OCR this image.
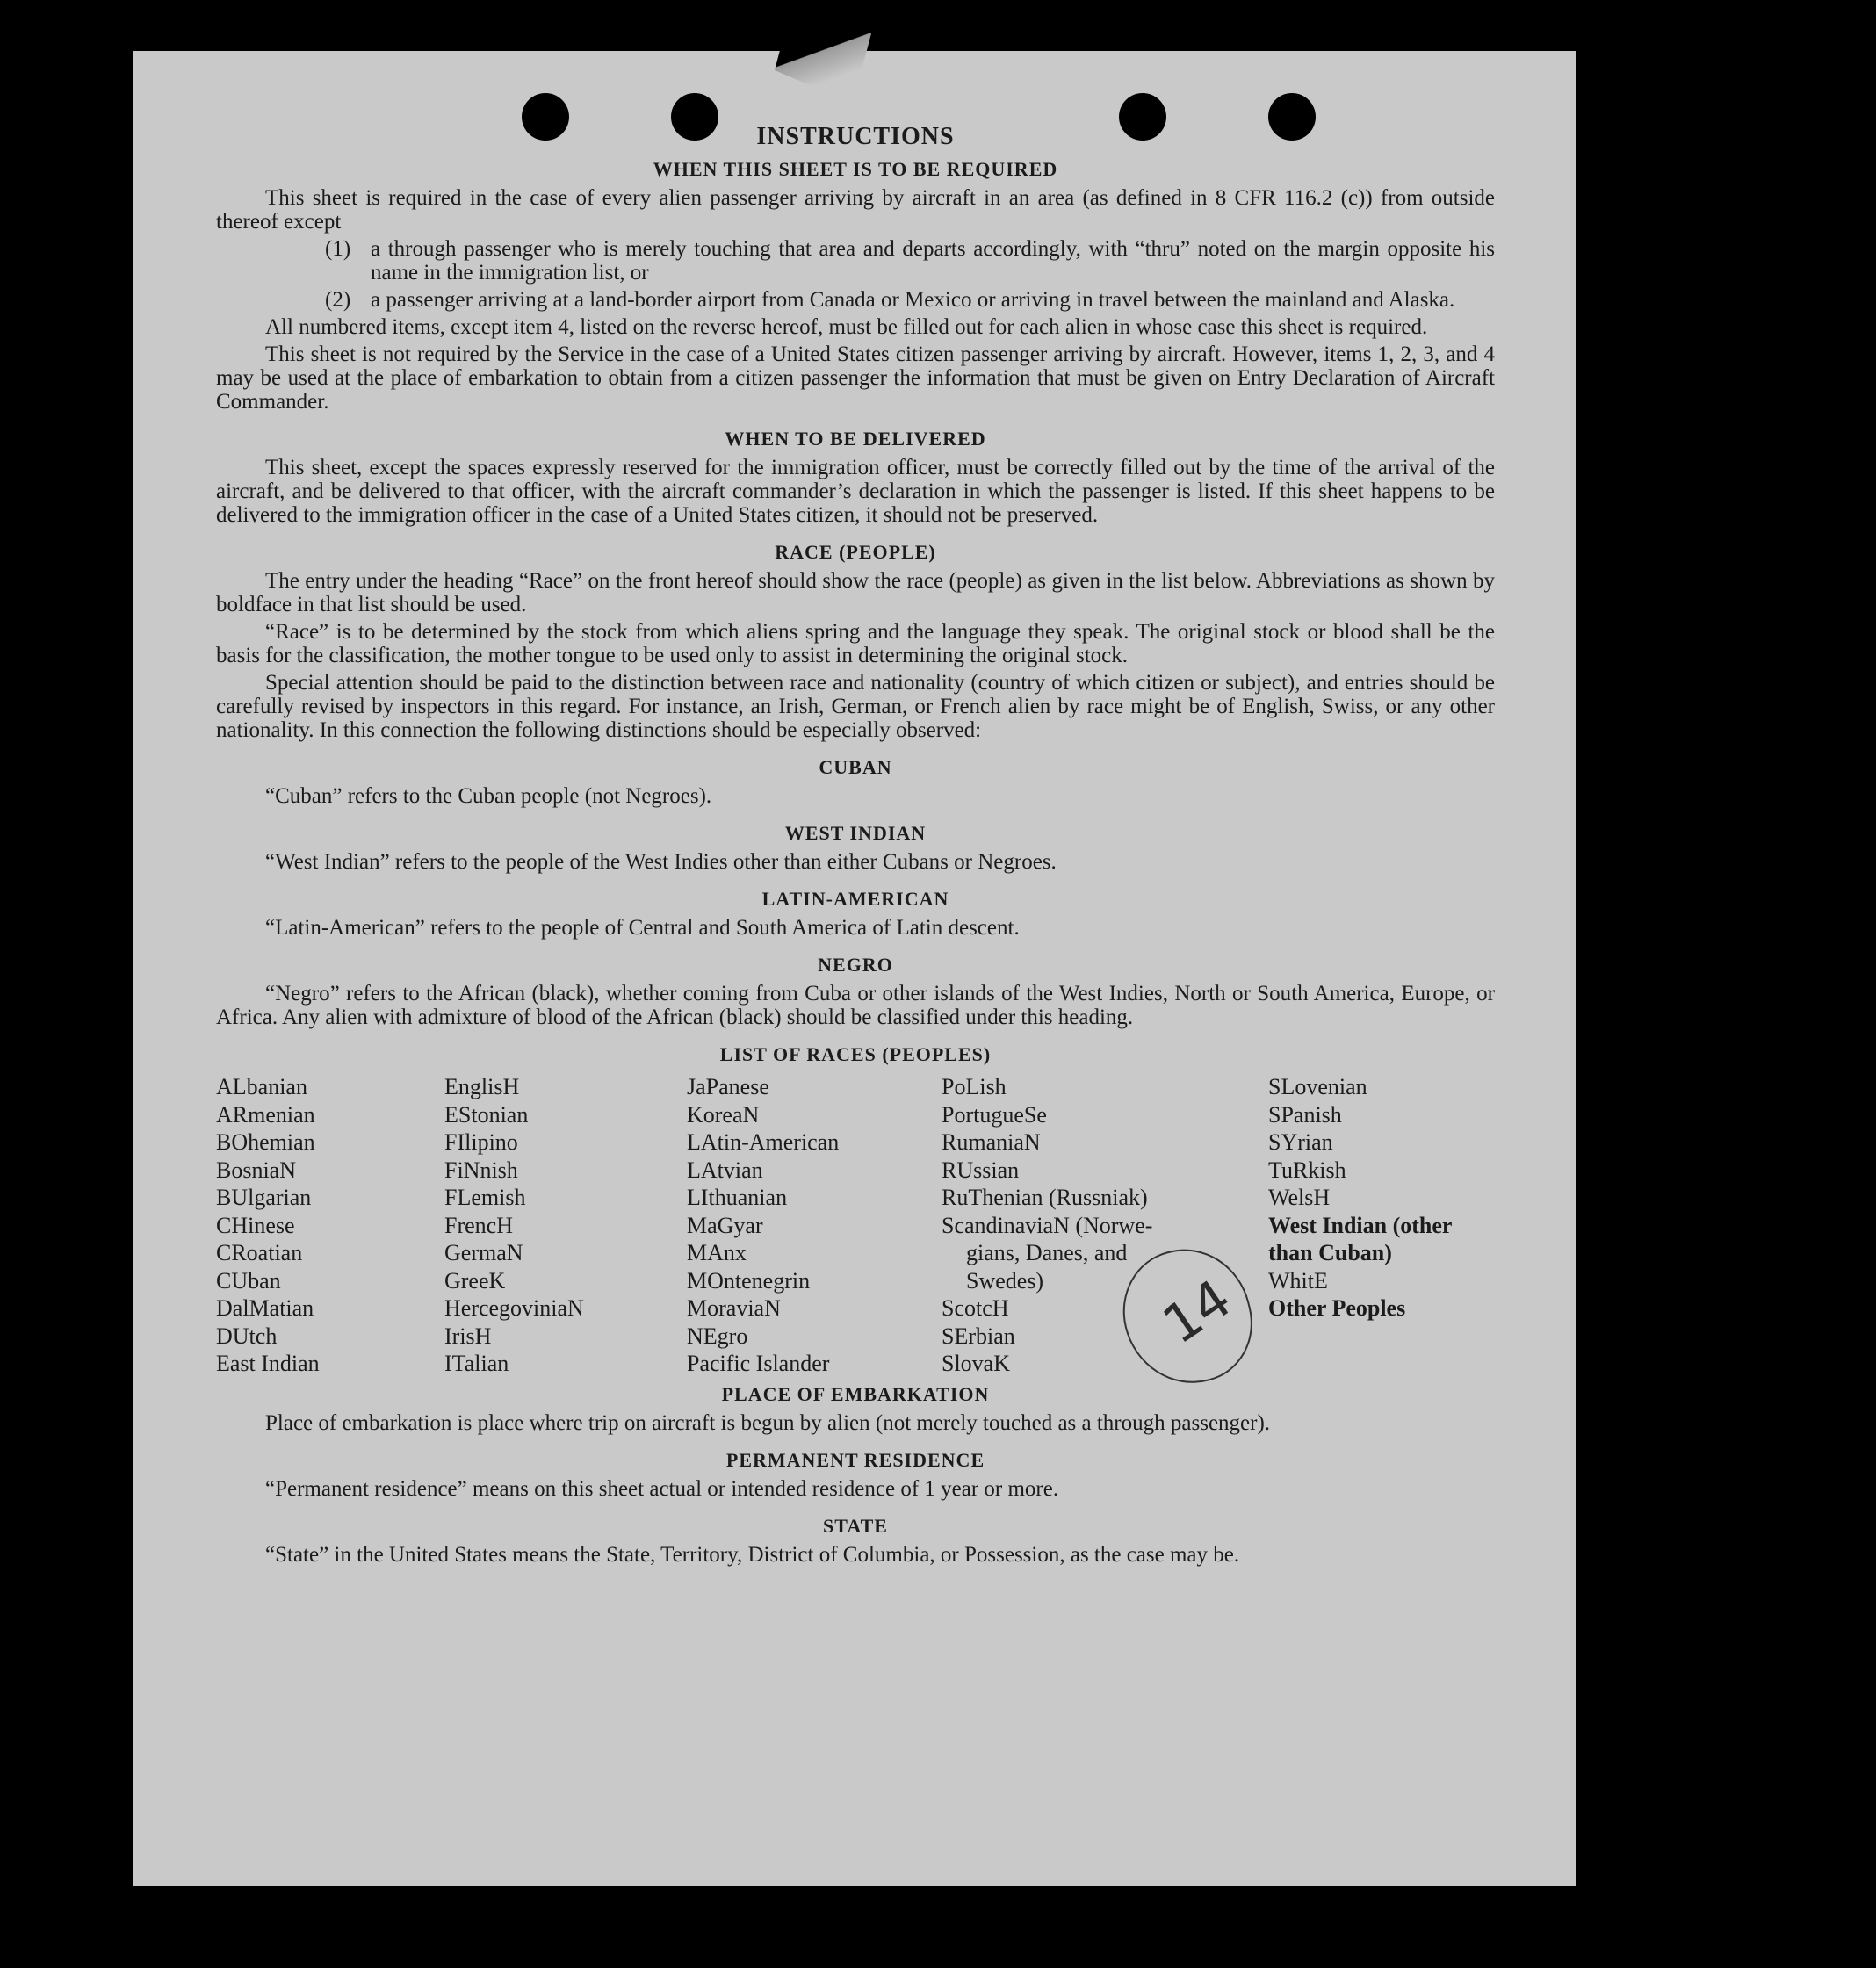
14
INSTRUCTIONS
WHEN THIS SHEET IS TO BE REQUIRED

This sheet is required in the case of every alien passenger arriving by aircraft in an area (as defined in 8 CFR 116.2 (c)) from outside thereof except

(1) a through passenger who is merely touching that area and departs accordingly, with “thru” noted on the margin opposite his name in the immigration list, or
(2) a passenger arriving at a land-border airport from Canada or Mexico or arriving in travel between the mainland and Alaska.

All numbered items, except item 4, listed on the reverse hereof, must be filled out for each alien in whose case this sheet is required.

This sheet is not required by the Service in the case of a United States citizen passenger arriving by aircraft. However, items 1, 2, 3, and 4 may be used at the place of embarkation to obtain from a citizen passenger the information that must be given on Entry Declaration of Aircraft Commander.

WHEN TO BE DELIVERED

This sheet, except the spaces expressly reserved for the immigration officer, must be correctly filled out by the time of the arrival of the aircraft, and be delivered to that officer, with the aircraft commander’s declaration in which the passenger is listed. If this sheet happens to be delivered to the immigration officer in the case of a United States citizen, it should not be preserved.

RACE (PEOPLE)

The entry under the heading “Race” on the front hereof should show the race (people) as given in the list below. Abbreviations as shown by boldface in that list should be used.

“Race” is to be determined by the stock from which aliens spring and the language they speak. The original stock or blood shall be the basis for the classification, the mother tongue to be used only to assist in determining the original stock.

Special attention should be paid to the distinction between race and nationality (country of which citizen or subject), and entries should be carefully revised by inspectors in this regard. For instance, an Irish, German, or French alien by race might be of English, Swiss, or any other nationality. In this connection the following distinctions should be especially observed:

CUBAN

“Cuban” refers to the Cuban people (not Negroes).

WEST INDIAN

“West Indian” refers to the people of the West Indies other than either Cubans or Negroes.

LATIN-AMERICAN

“Latin-American” refers to the people of Central and South America of Latin descent.

NEGRO

“Negro” refers to the African (black), whether coming from Cuba or other islands of the West Indies, North or South America, Europe, or Africa. Any alien with admixture of blood of the African (black) should be classified under this heading.

LIST OF RACES (PEOPLES)
ALbanian
ARmenian
BOhemian
BosniaN
BUlgarian
CHinese
CRoatian
CUban
DalMatian
DUtch
East Indian
EnglisH
EStonian
FIlipino
FiNnish
FLemish
FrencH
GermaN
GreeK
HercegoviniaN
IrisH
ITalian
JaPanese
KoreaN
LAtin-American
LAtvian
LIthuanian
MaGyar
MAnx
MOntenegrin
MoraviaN
NEgro
Pacific Islander
PoLish
PortugueSe
RumaniaN
RUssian
RuThenian (Russniak)
ScandinaviaN (Norwe-
gians, Danes, and
Swedes)
ScotcH
SErbian
SlovaK
SLovenian
SPanish
SYrian
TuRkish
WelsH
West Indian (other
than Cuban)
WhitE
Other Peoples
PLACE OF EMBARKATION

Place of embarkation is place where trip on aircraft is begun by alien (not merely touched as a through passenger).

PERMANENT RESIDENCE

“Permanent residence” means on this sheet actual or intended residence of 1 year or more.

STATE

“State” in the United States means the State, Territory, District of Columbia, or Possession, as the case may be.
